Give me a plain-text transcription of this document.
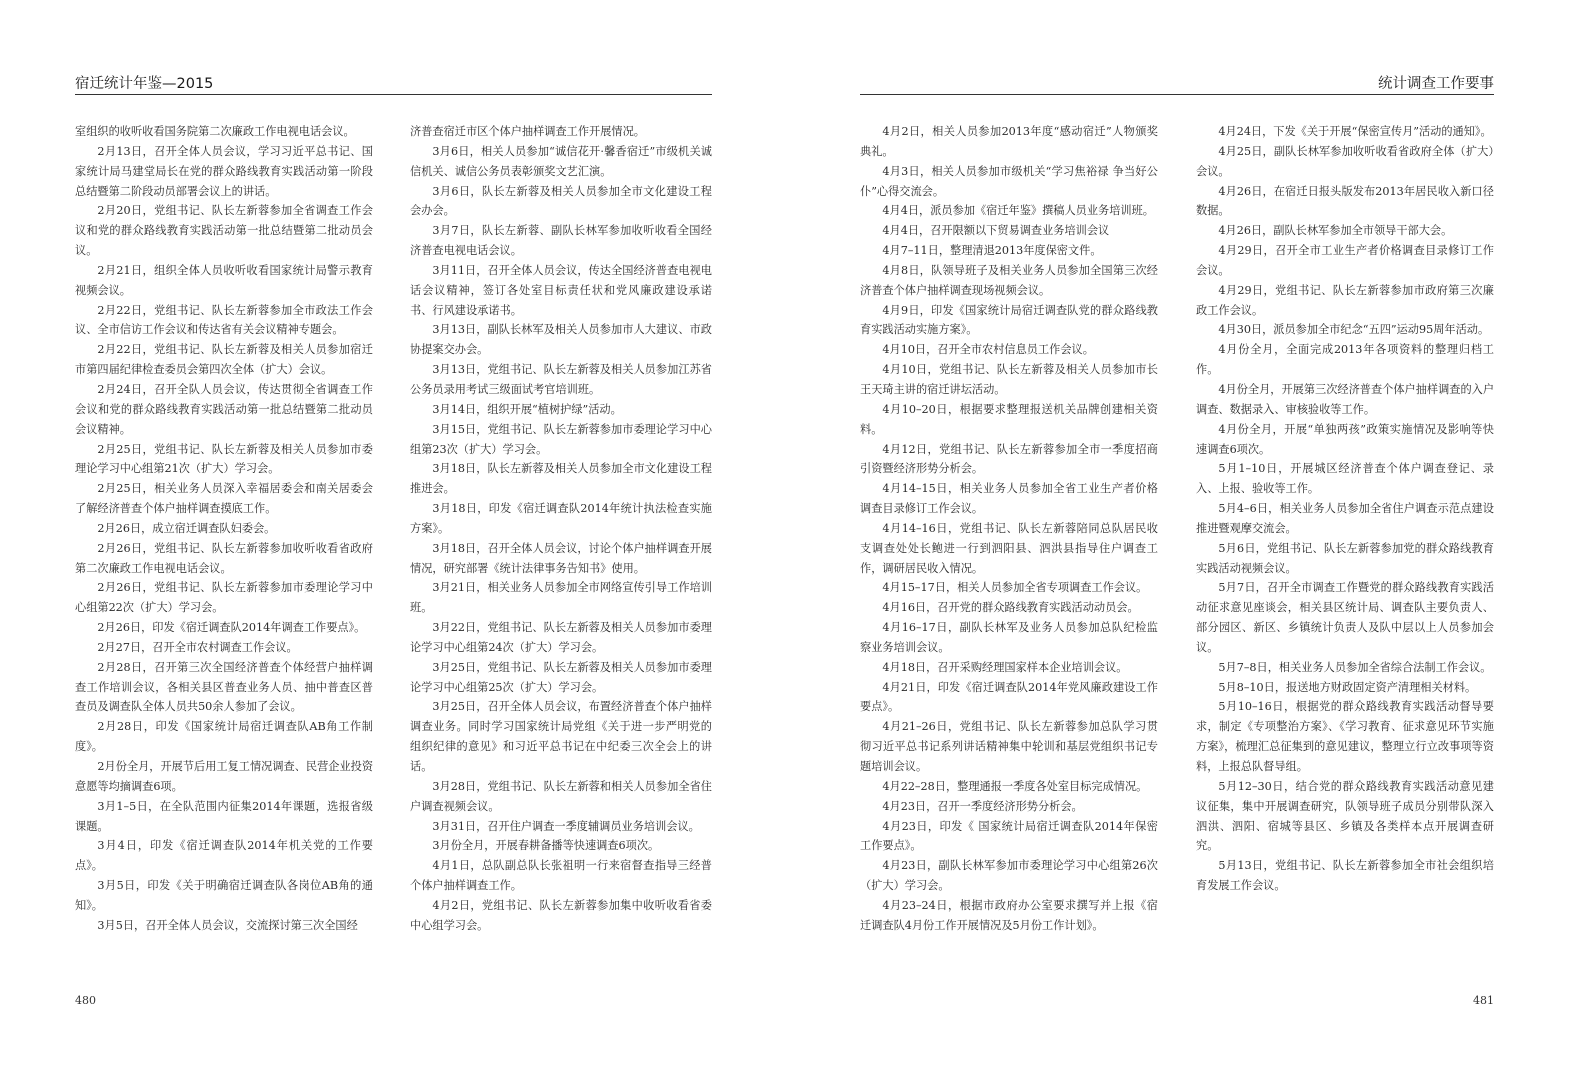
宿迁统计年鉴—2015

室组织的收听收看国务院第二次廉政工作电视电话会议。

2月13日，召开全体人员会议，学习习近平总书记、国家统计局马建堂局长在党的群众路线教育实践活动第一阶段总结暨第二阶段动员部署会议上的讲话。

2月20日，党组书记、队长左新蓉参加全省调查工作会议和党的群众路线教育实践活动第一批总结暨第二批动员会议。

2月21日，组织全体人员收听收看国家统计局警示教育视频会议。

2月22日，党组书记、队长左新蓉参加全市政法工作会议、全市信访工作会议和传达省有关会议精神专题会。

2月22日，党组书记、队长左新蓉及相关人员参加宿迁市第四届纪律检查委员会第四次全体（扩大）会议。

2月24日，召开全队人员会议，传达贯彻全省调查工作会议和党的群众路线教育实践活动第一批总结暨第二批动员会议精神。

2月25日，党组书记、队长左新蓉及相关人员参加市委理论学习中心组第21次（扩大）学习会。

2月25日，相关业务人员深入幸福居委会和南关居委会了解经济普查个体户抽样调查摸底工作。

2月26日，成立宿迁调查队妇委会。

2月26日，党组书记、队长左新蓉参加收听收看省政府第二次廉政工作电视电话会议。

2月26日，党组书记、队长左新蓉参加市委理论学习中心组第22次（扩大）学习会。

2月26日，印发《宿迁调查队2014年调查工作要点》。

2月27日，召开全市农村调查工作会议。

2月28日，召开第三次全国经济普查个体经营户抽样调查工作培训会议，各相关县区普查业务人员、抽中普查区普查员及调查队全体人员共50余人参加了会议。

2月28日，印发《国家统计局宿迁调查队AB角工作制度》。

2月份全月，开展节后用工复工情况调查、民营企业投资意愿等均摘调查6项。

3月1–5日，在全队范围内征集2014年课题，选报省级课题。

3月4日，印发《宿迁调查队2014年机关党的工作要点》。

3月5日，印发《关于明确宿迁调查队各岗位AB角的通知》。

3月5日，召开全体人员会议，交流探讨第三次全国经

济普查宿迁市区个体户抽样调查工作开展情况。

3月6日，相关人员参加“诚信花开·馨香宿迁”市级机关诚信机关、诚信公务员表彰颁奖文艺汇演。

3月6日，队长左新蓉及相关人员参加全市文化建设工程会办会。

3月7日，队长左新蓉、副队长林军参加收听收看全国经济普查电视电话会议。

3月11日，召开全体人员会议，传达全国经济普查电视电话会议精神，签订各处室目标责任状和党风廉政建设承诺书、行风建设承诺书。

3月13日，副队长林军及相关人员参加市人大建议、市政协提案交办会。

3月13日，党组书记、队长左新蓉及相关人员参加江苏省公务员录用考试三级面试考官培训班。

3月14日，组织开展“植树护绿”活动。

3月15日，党组书记、队长左新蓉参加市委理论学习中心组第23次（扩大）学习会。

3月18日，队长左新蓉及相关人员参加全市文化建设工程推进会。

3月18日，印发《宿迁调查队2014年统计执法检查实施方案》。

3月18日，召开全体人员会议，讨论个体户抽样调查开展情况，研究部署《统计法律事务告知书》使用。

3月21日，相关业务人员参加全市网络宣传引导工作培训班。

3月22日，党组书记、队长左新蓉及相关人员参加市委理论学习中心组第24次（扩大）学习会。

3月25日，党组书记、队长左新蓉及相关人员参加市委理论学习中心组第25次（扩大）学习会。

3月25日，召开全体人员会议，布置经济普查个体户抽样调查业务。同时学习国家统计局党组《关于进一步严明党的组织纪律的意见》和习近平总书记在中纪委三次全会上的讲话。

3月28日，党组书记、队长左新蓉和相关人员参加全省住户调查视频会议。

3月31日，召开住户调查一季度辅调员业务培训会议。

3月份全月，开展春耕备播等快速调查6项次。

4月1日，总队副总队长张祖明一行来宿督查指导三经普个体户抽样调查工作。

4月2日，党组书记、队长左新蓉参加集中收听收看省委中心组学习会。

480
统计调查工作要事

4月2日，相关人员参加2013年度“感动宿迁”人物颁奖典礼。

4月3日，相关人员参加市级机关“学习焦裕禄 争当好公仆”心得交流会。

4月4日，派员参加《宿迁年鉴》撰稿人员业务培训班。

4月4日，召开限额以下贸易调查业务培训会议

4月7–11日，整理清退2013年度保密文件。

4月8日，队领导班子及相关业务人员参加全国第三次经济普查个体户抽样调查现场视频会议。

4月9日，印发《国家统计局宿迁调查队党的群众路线教育实践活动实施方案》。

4月10日，召开全市农村信息员工作会议。

4月10日，党组书记、队长左新蓉及相关人员参加市长王天琦主讲的宿迁讲坛活动。

4月10–20日，根据要求整理报送机关品牌创建相关资料。

4月12日，党组书记、队长左新蓉参加全市一季度招商引资暨经济形势分析会。

4月14–15日，相关业务人员参加全省工业生产者价格调查目录修订工作会议。

4月14–16日，党组书记、队长左新蓉陪同总队居民收支调查处处长鲍进一行到泗阳县、泗洪县指导住户调查工作，调研居民收入情况。

4月15–17日，相关人员参加全省专项调查工作会议。

4月16日，召开党的群众路线教育实践活动动员会。

4月16–17日，副队长林军及业务人员参加总队纪检监察业务培训会议。

4月18日，召开采购经理国家样本企业培训会议。

4月21日，印发《宿迁调查队2014年党风廉政建设工作要点》。

4月21–26日，党组书记、队长左新蓉参加总队学习贯彻习近平总书记系列讲话精神集中轮训和基层党组织书记专题培训会议。

4月22–28日，整理通报一季度各处室目标完成情况。

4月23日，召开一季度经济形势分析会。

4月23日，印发《 国家统计局宿迁调查队2014年保密工作要点》。

4月23日，副队长林军参加市委理论学习中心组第26次（扩大）学习会。

4月23–24日，根据市政府办公室要求撰写并上报《宿迁调查队4月份工作开展情况及5月份工作计划》。

4月24日，下发《关于开展“保密宣传月”活动的通知》。

4月25日，副队长林军参加收听收看省政府全体（扩大）会议。

4月26日，在宿迁日报头版发布2013年居民收入新口径数据。

4月26日，副队长林军参加全市领导干部大会。

4月29日，召开全市工业生产者价格调查目录修订工作会议。

4月29日，党组书记、队长左新蓉参加市政府第三次廉政工作会议。

4月30日，派员参加全市纪念“五四”运动95周年活动。

4月份全月，全面完成2013年各项资料的整理归档工作。

4月份全月，开展第三次经济普查个体户抽样调查的入户调查、数据录入、审核验收等工作。

4月份全月，开展“单独两孩”政策实施情况及影响等快速调查6项次。

5月1–10日，开展城区经济普查个体户调查登记、录入、上报、验收等工作。

5月4–6日，相关业务人员参加全省住户调查示范点建设推进暨观摩交流会。

5月6日，党组书记、队长左新蓉参加党的群众路线教育实践活动视频会议。

5月7日，召开全市调查工作暨党的群众路线教育实践活动征求意见座谈会，相关县区统计局、调查队主要负责人、部分园区、新区、乡镇统计负责人及队中层以上人员参加会议。

5月7–8日，相关业务人员参加全省综合法制工作会议。

5月8–10日，报送地方财政固定资产清理相关材料。

5月10–16日，根据党的群众路线教育实践活动督导要求，制定《专项整治方案》、《学习教育、征求意见环节实施方案》，梳理汇总征集到的意见建议，整理立行立改事项等资料，上报总队督导组。

5月12–30日，结合党的群众路线教育实践活动意见建议征集，集中开展调查研究，队领导班子成员分别带队深入泗洪、泗阳、宿城等县区、乡镇及各类样本点开展调查研究。

5月13日，党组书记、队长左新蓉参加全市社会组织培育发展工作会议。

481
